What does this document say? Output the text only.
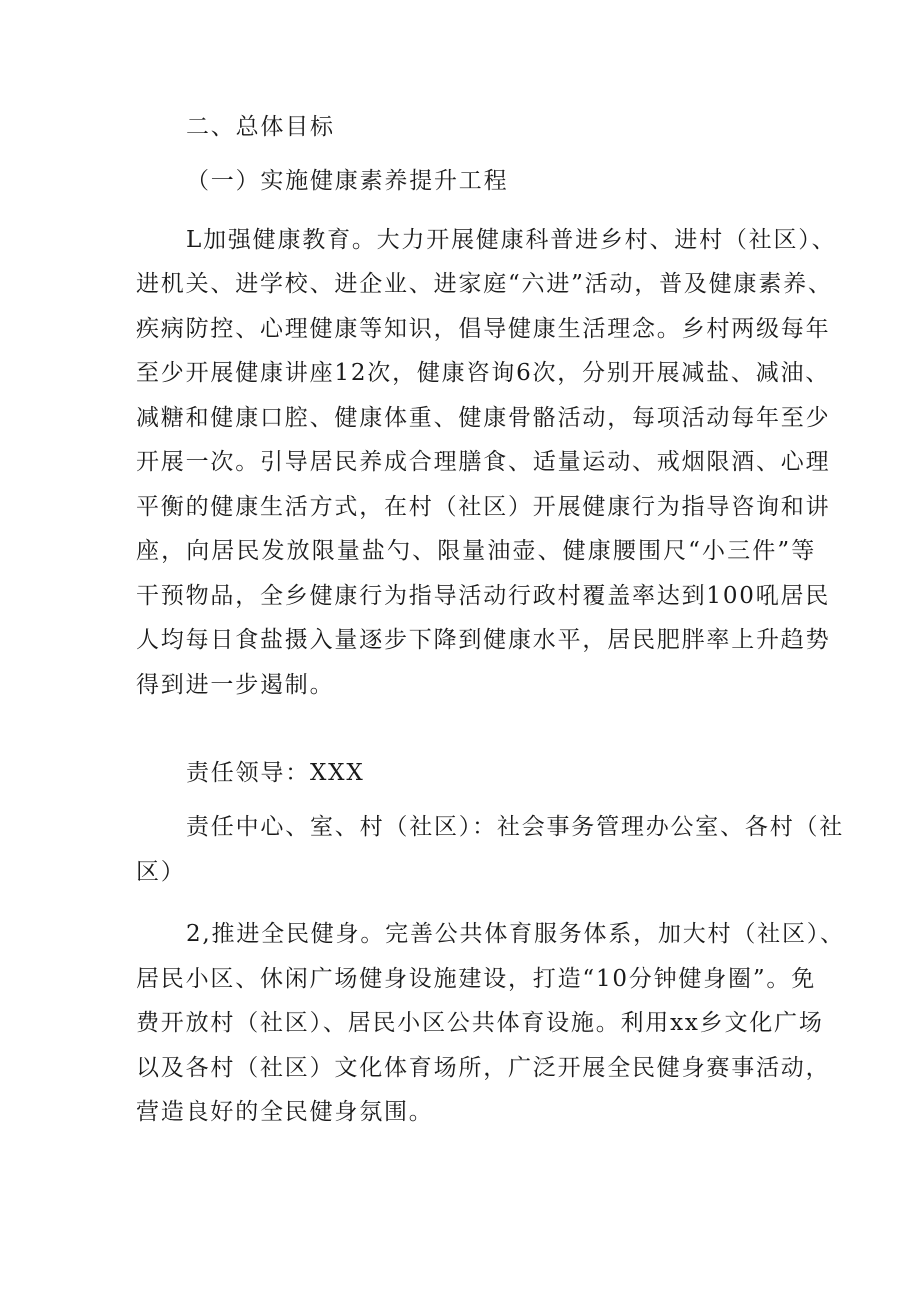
二、总体目标
（一）实施健康素养提升工程
L加强健康教育。大力开展健康科普进乡村、进村（社区）、
进机关、进学校、进企业、进家庭“六进”活动，普及健康素养、
疾病防控、心理健康等知识，倡导健康生活理念。乡村两级每年
至少开展健康讲座12次，健康咨询6次，分别开展减盐、减油、
减糖和健康口腔、健康体重、健康骨骼活动，每项活动每年至少
开展一次。引导居民养成合理膳食、适量运动、戒烟限酒、心理
平衡的健康生活方式，在村（社区）开展健康行为指导咨询和讲
座，向居民发放限量盐勺、限量油壶、健康腰围尺“小三件”等
干预物品，全乡健康行为指导活动行政村覆盖率达到100吼居民
人均每日食盐摄入量逐步下降到健康水平，居民肥胖率上升趋势
得到进一步遏制。
责任领导：XXX
责任中心、室、村（社区）：社会事务管理办公室、各村（社
区）
2,推进全民健身。完善公共体育服务体系，加大村（社区）、
居民小区、休闲广场健身设施建设，打造“10分钟健身圈”。免
费开放村（社区）、居民小区公共体育设施。利用xx乡文化广场
以及各村（社区）文化体育场所，广泛开展全民健身赛事活动，
营造良好的全民健身氛围。
